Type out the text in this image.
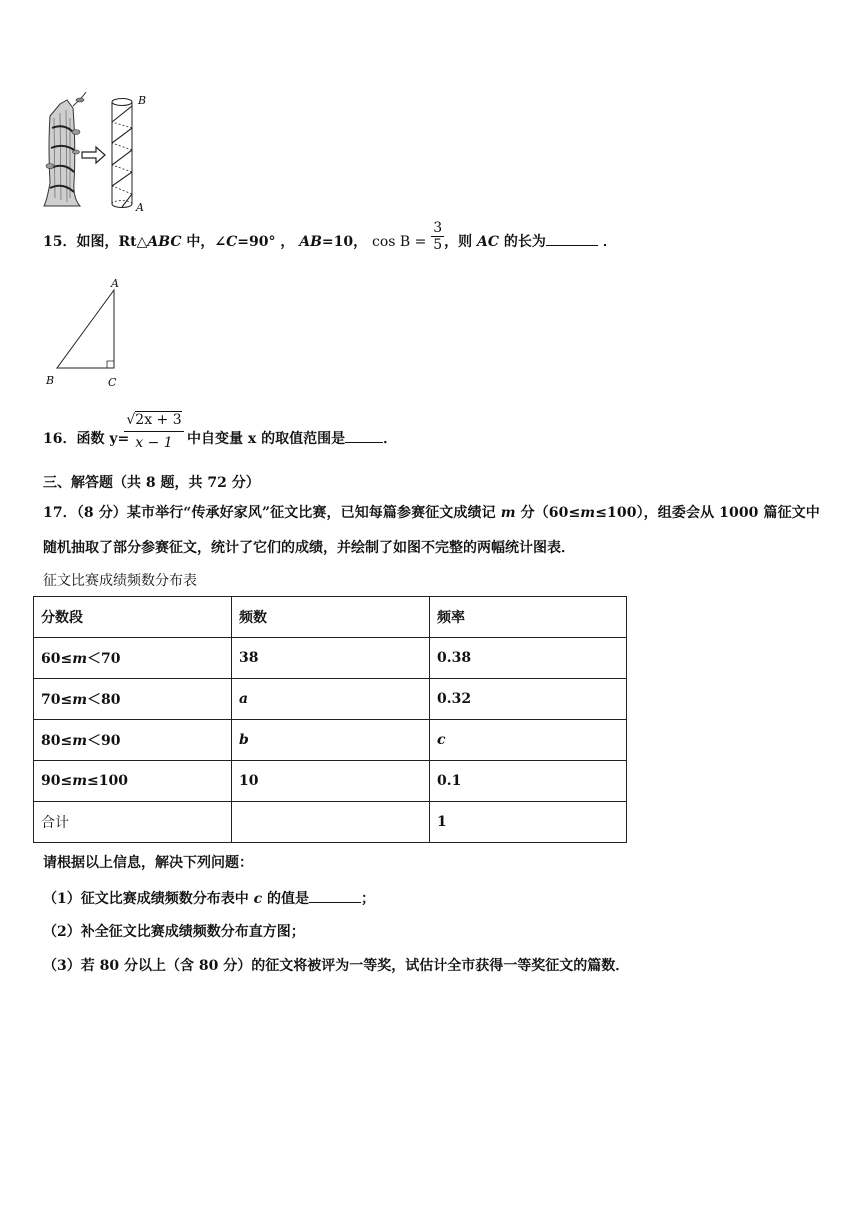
B
A
15．如图，Rt△ABC 中，∠C=90° ， AB=10， $\cos B = \frac{3}{5}$ ，则 AC 的长为	．
A
B	C
16．函数 y=
√2x + 3
x − 1	中自变量 x 的取值范围是	．
三、解答题（共 8 题，共 72 分）
17．（8 分）某市举行“传承好家风”征文比赛，已知每篇参赛征文成绩记 m 分（60≤m≤100），组委会从 1000 篇征文中
随机抽取了部分参赛征文，统计了它们的成绩，并绘制了如图不完整的两幅统计图表．
征文比赛成绩频数分布表
分数段	频数	频率
60≤m＜70	38	0.38
70≤m＜80	a	0.32
80≤m＜90	b	c
90≤m≤100	10	0.1
合计		1
请根据以上信息，解决下列问题：
（1）征文比赛成绩频数分布表中 c 的值是	；
（2）补全征文比赛成绩频数分布直方图；
（3）若 80 分以上（含 80 分）的征文将被评为一等奖，试估计全市获得一等奖征文的篇数．
